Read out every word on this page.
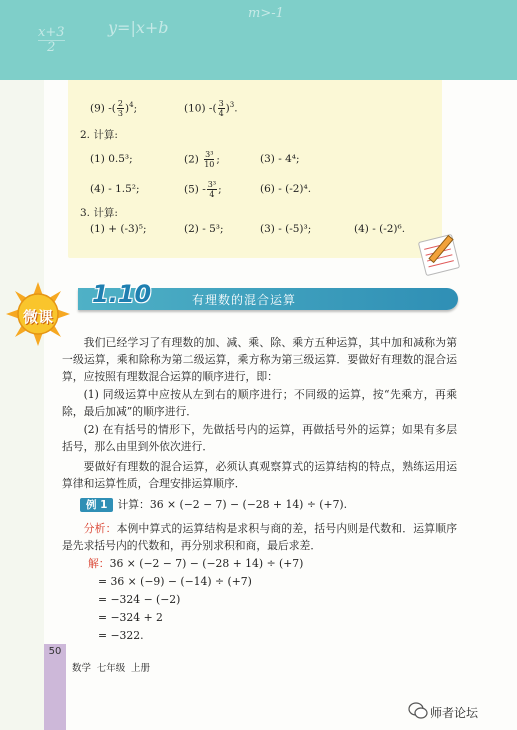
x+3
2
y=|x+b
m>-1
(9) -( $\frac{2}{3} )^4$;	(10) -( $\frac{3}{4} )^3$.
2. 计算:
(1) 0.5³;	$(2) \frac{\text{3³}}{10}$ ;	(3) - 4⁴;
(4) - 1.5²;	$(5) - \frac{\text{3³}}{4}$ ;	(6) - (-2)⁴.
3. 计算:
(1) + (-3)⁵;	(2) - 5³;	(3) - (-5)³;	(4) - (-2)⁶.
微课
1.10	有理数的混合运算
我们已经学习了有理数的加、减、乘、除、乘方五种运算，其中加和减称为第一级运算，乘和除称为第二级运算，乘方称为第三级运算．要做好有理数的混合运算，应按照有理数混合运算的顺序进行，即：
(1) 同级运算中应按从左到右的顺序进行；不同级的运算，按“先乘方，再乘除，最后加减”的顺序进行．
(2) 在有括号的情形下，先做括号内的运算，再做括号外的运算；如果有多层括号，那么由里到外依次进行．
要做好有理数的混合运算，必须认真观察算式的运算结构的特点，熟练运用运算律和运算性质，合理安排运算顺序．
例 1 计算：36 × (−2 − 7) − (−28 + 14) ÷ (+7).
分析：本例中算式的运算结构是求积与商的差，括号内则是代数和．运算顺序是先求括号内的代数和，再分别求积和商，最后求差．
解：36 × (−2 − 7) − (−28 + 14) ÷ (+7)
= 36 × (−9) − (−14) ÷ (+7)
= −324 − (−2)
= −324 + 2
= −322.
50
数学 七年级 上册
师者论坛
